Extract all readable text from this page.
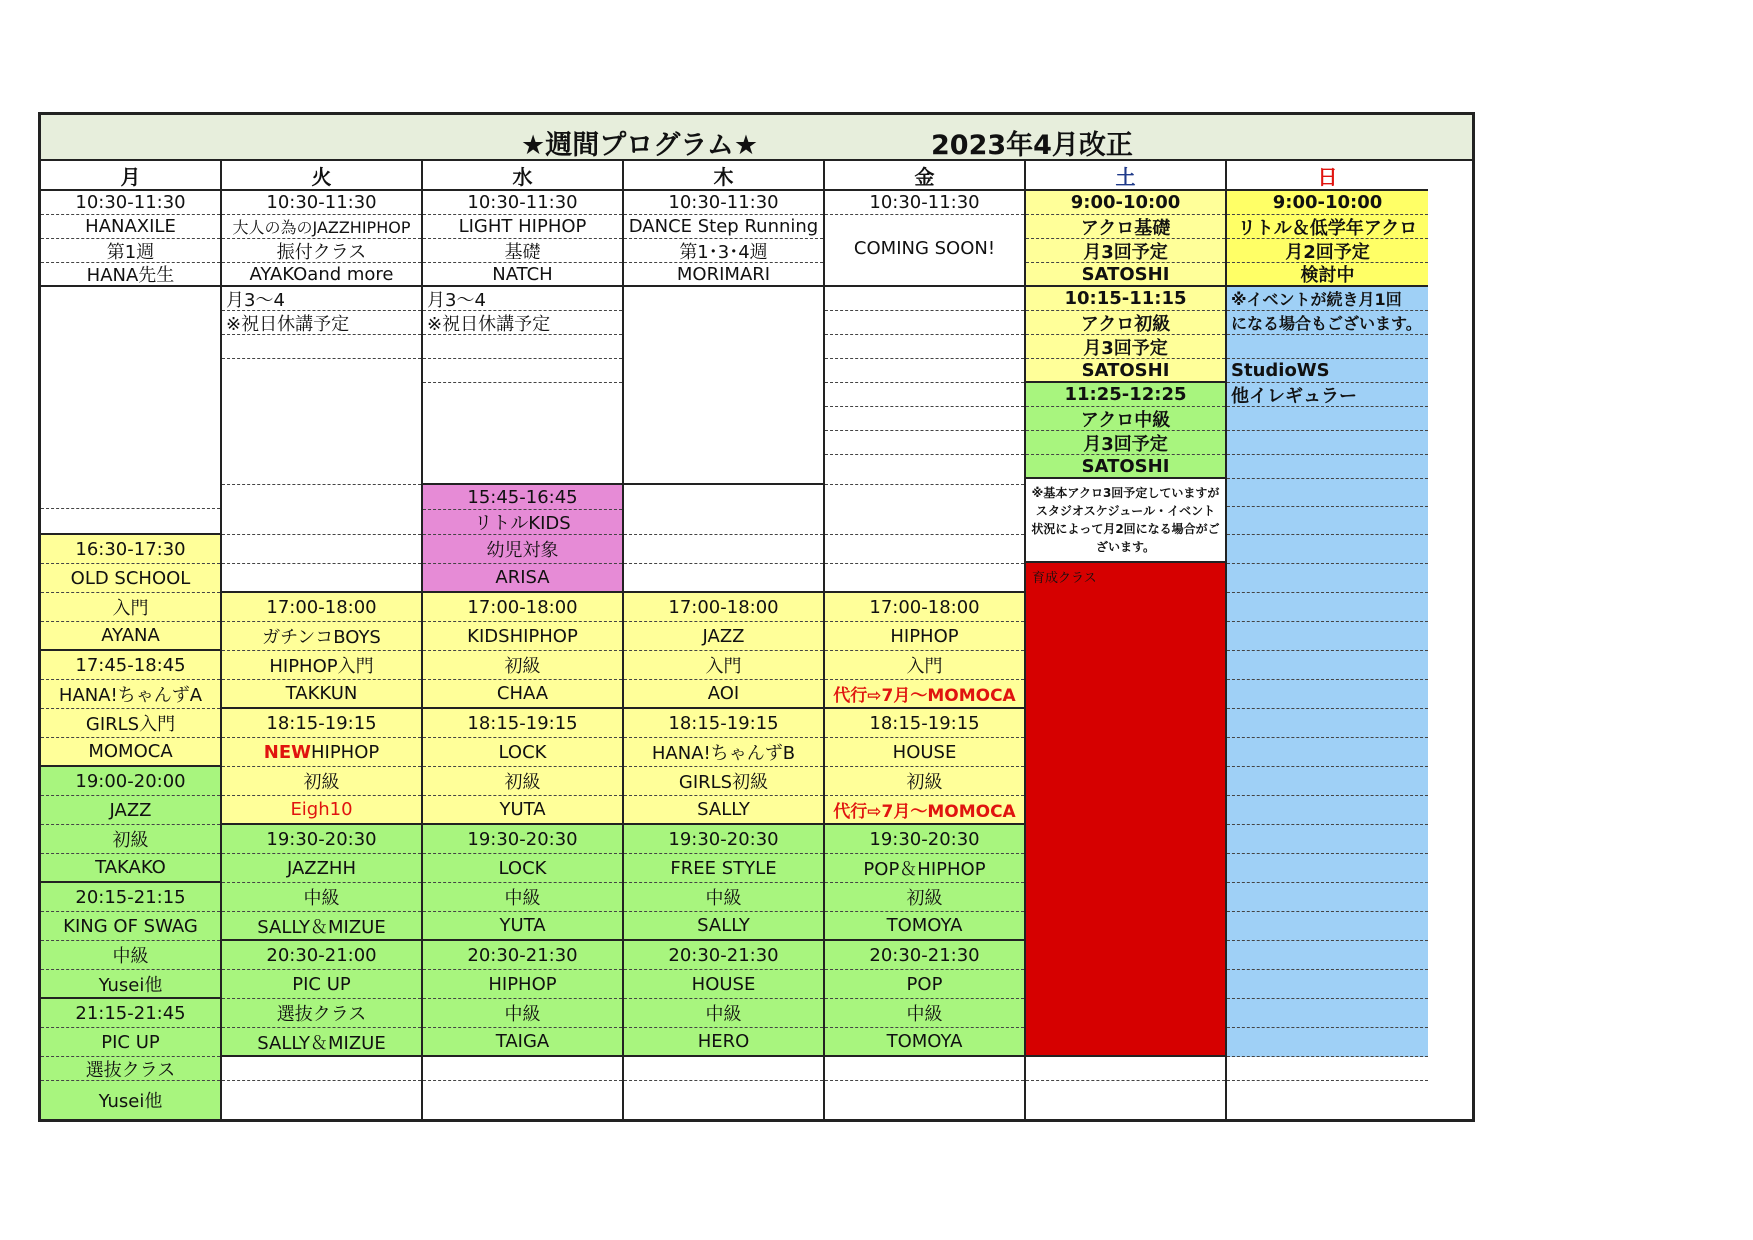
★週間プログラム★	2023年4月改正
月
10:30-11:30
HANAXILE
第1週
HANA先生
16:30-17:30
OLD SCHOOL
入門
AYANA
17:45-18:45
HANA!ちゃんずA
GIRLS入門
MOMOCA
19:00-20:00
JAZZ
初級
TAKAKO
20:15-21:15
KING OF SWAG
中級
Yusei他
21:15-21:45
PIC UP
選抜クラス
Yusei他
火
10:30-11:30
大人の為のJAZZHIPHOP
振付クラス
AYAKOand more
月3～4
※祝日休講予定
17:00-18:00
ガチンコBOYS
HIPHOP入門
TAKKUN
18:15-19:15
NEW HIPHOP
初級
Eigh10
19:30-20:30
JAZZHH
中級
SALLY＆MIZUE
20:30-21:00
PIC UP
選抜クラス
SALLY＆MIZUE
水
10:30-11:30
LIGHT HIPHOP
基礎
NATCH
月3～4
※祝日休講予定
15:45-16:45
リトルKIDS
幼児対象
ARISA
17:00-18:00
KIDSHIPHOP
初級
CHAA
18:15-19:15
LOCK
初級
YUTA
19:30-20:30
LOCK
中級
YUTA
20:30-21:30
HIPHOP
中級
TAIGA
木
10:30-11:30
DANCE Step Running
第1･3･4週
MORIMARI
17:00-18:00
JAZZ
入門
AOI
18:15-19:15
HANA!ちゃんずB
GIRLS初級
SALLY
19:30-20:30
FREE STYLE
中級
SALLY
20:30-21:30
HOUSE
中級
HERO
金
10:30-11:30
COMING SOON!
17:00-18:00
HIPHOP
入門
代行⇨7月～MOMOCA
18:15-19:15
HOUSE
初級
代行⇨7月～MOMOCA
19:30-20:30
POP＆HIPHOP
初級
TOMOYA
20:30-21:30
POP
中級
TOMOYA
土
9:00-10:00
アクロ基礎
月3回予定
SATOSHI
10:15-11:15
アクロ初級
月3回予定
SATOSHI
11:25-12:25
アクロ中級
月3回予定
SATOSHI
※基本アクロ3回予定していますがスタジオスケジュール・イベント状況によって月2回になる場合がございます。
育成クラス
日
9:00-10:00
リトル＆低学年アクロ
月2回予定
検討中
※イベントが続き月1回
になる場合もございます。
StudioWS
他イレギュラー
